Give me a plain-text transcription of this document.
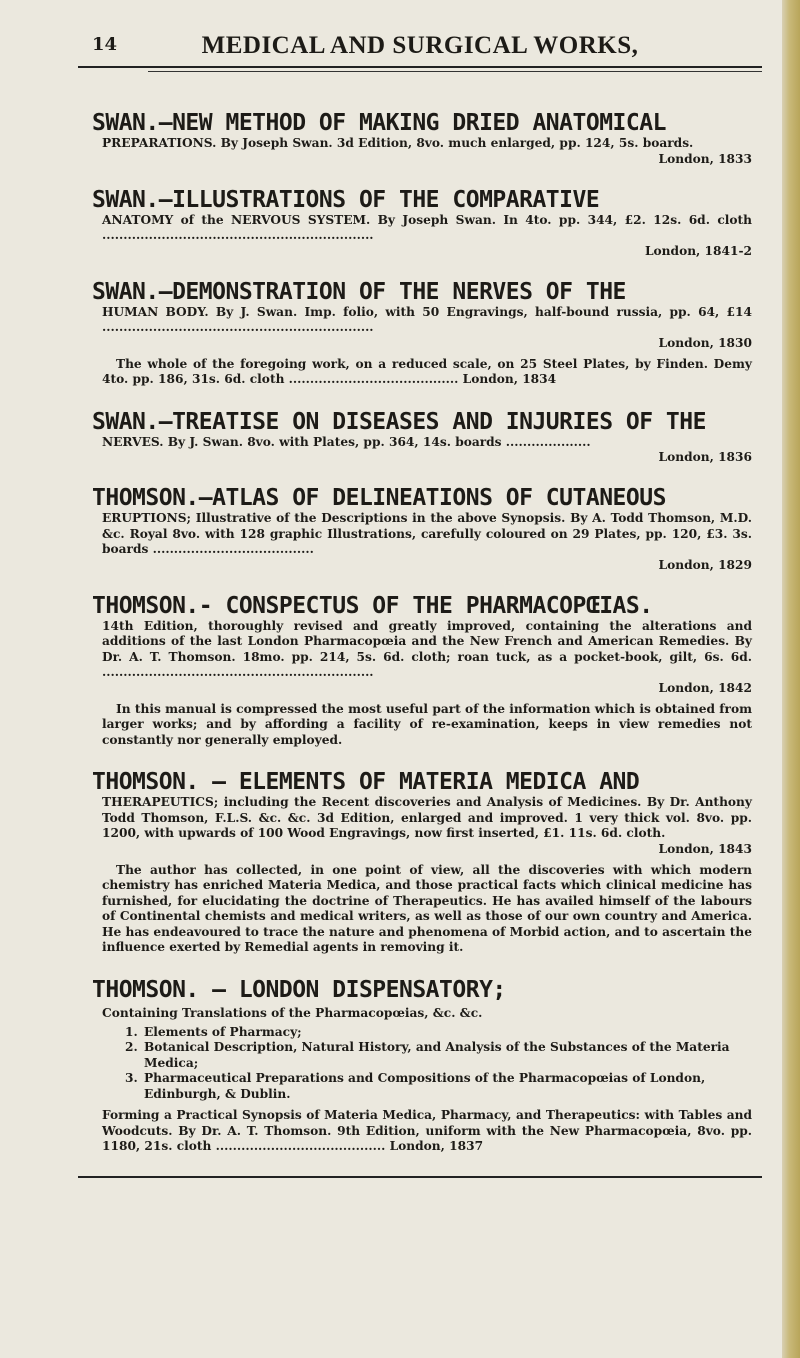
14	MEDICAL AND SURGICAL WORKS,
SWAN.–NEW METHOD OF MAKING DRIED ANATOMICAL
PREPARATIONS. By Joseph Swan. 3d Edition, 8vo. much enlarged, pp. 124, 5s. boards.
London, 1833
SWAN.–ILLUSTRATIONS OF THE COMPARATIVE
ANATOMY of the NERVOUS SYSTEM. By Joseph Swan. In 4to. pp. 344, £2. 12s. 6d. cloth ................................................................
London, 1841-2
SWAN.–DEMONSTRATION OF THE NERVES OF THE
HUMAN BODY. By J. Swan. Imp. folio, with 50 Engravings, half-bound russia, pp. 64, £14 ................................................................
London, 1830
The whole of the foregoing work, on a reduced scale, on 25 Steel Plates, by Finden. Demy 4to. pp. 186, 31s. 6d. cloth ........................................ London, 1834
SWAN.–TREATISE ON DISEASES AND INJURIES OF THE
NERVES. By J. Swan. 8vo. with Plates, pp. 364, 14s. boards ....................
London, 1836
THOMSON.–ATLAS OF DELINEATIONS OF CUTANEOUS
ERUPTIONS; Illustrative of the Descriptions in the above Synopsis. By A. Todd Thomson, M.D. &c. Royal 8vo. with 128 graphic Illustrations, carefully coloured on 29 Plates, pp. 120, £3. 3s. boards ......................................
London, 1829
THOMSON.- CONSPECTUS OF THE PHARMACOPŒIAS.
14th Edition, thoroughly revised and greatly improved, containing the alterations and additions of the last London Pharmacopœia and the New French and American Remedies. By Dr. A. T. Thomson. 18mo. pp. 214, 5s. 6d. cloth; roan tuck, as a pocket-book, gilt, 6s. 6d. ................................................................
London, 1842
In this manual is compressed the most useful part of the information which is obtained from larger works; and by affording a facility of re-examination, keeps in view remedies not constantly nor generally employed.
THOMSON. – ELEMENTS OF MATERIA MEDICA AND
THERAPEUTICS; including the Recent discoveries and Analysis of Medicines. By Dr. Anthony Todd Thomson, F.L.S. &c. &c. 3d Edition, enlarged and improved. 1 very thick vol. 8vo. pp. 1200, with upwards of 100 Wood Engravings, now first inserted, £1. 11s. 6d. cloth.
London, 1843
The author has collected, in one point of view, all the discoveries with which modern chemistry has enriched Materia Medica, and those practical facts which clinical medicine has furnished, for elucidating the doctrine of Therapeutics. He has availed himself of the labours of Continental chemists and medical writers, as well as those of our own country and America. He has endeavoured to trace the nature and phenomena of Morbid action, and to ascertain the influence exerted by Remedial agents in removing it.
THOMSON. – LONDON DISPENSATORY;
Containing Translations of the Pharmacopœias, &c. &c.
1. Elements of Pharmacy;
2. Botanical Description, Natural History, and Analysis of the Substances of the Materia Medica;
3. Pharmaceutical Preparations and Compositions of the Pharmacopœias of London, Edinburgh, & Dublin.
Forming a Practical Synopsis of Materia Medica, Pharmacy, and Therapeutics: with Tables and Woodcuts. By Dr. A. T. Thomson. 9th Edition, uniform with the New Pharmacopœia, 8vo. pp. 1180, 21s. cloth ........................................ London, 1837
